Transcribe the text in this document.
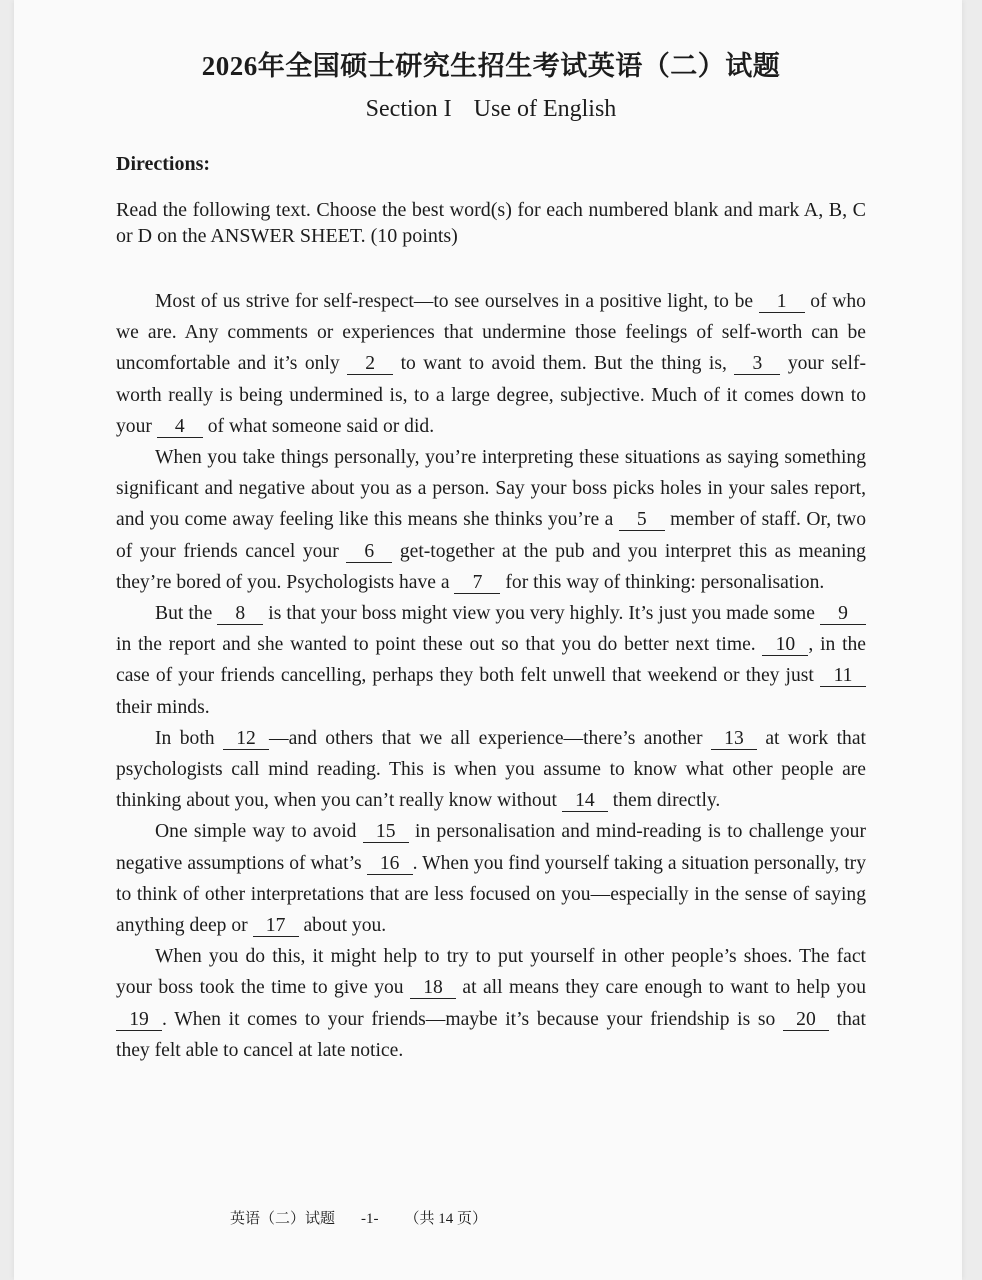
2026年全国硕士研究生招生考试英语（二）试题
Section I Use of English
Directions:
Read the following text. Choose the best word(s) for each numbered blank and mark A, B, C or D on the ANSWER SHEET. (10 points)

Most of us strive for self-respect—to see ourselves in a positive light, to be 1 of who we are. Any comments or experiences that undermine those feelings of self-worth can be uncomfortable and it’s only 2 to want to avoid them. But the thing is, 3 your self-worth really is being undermined is, to a large degree, subjective. Much of it comes down to your 4 of what someone said or did.

When you take things personally, you’re interpreting these situations as saying something significant and negative about you as a person. Say your boss picks holes in your sales report, and you come away feeling like this means she thinks you’re a 5 member of staff. Or, two of your friends cancel your 6 get-together at the pub and you interpret this as meaning they’re bored of you. Psychologists have a 7 for this way of thinking: personalisation.

But the 8 is that your boss might view you very highly. It’s just you made some 9 in the report and she wanted to point these out so that you do better next time. 10 , in the case of your friends cancelling, perhaps they both felt unwell that weekend or they just 11 their minds.

In both 12 —and others that we all experience—there’s another 13 at work that psychologists call mind reading. This is when you assume to know what other people are thinking about you, when you can’t really know without 14 them directly.

One simple way to avoid 15 in personalisation and mind-reading is to challenge your negative assumptions of what’s 16 . When you find yourself taking a situation personally, try to think of other interpretations that are less focused on you—especially in the sense of saying anything deep or 17 about you.

When you do this, it might help to try to put yourself in other people’s shoes. The fact your boss took the time to give you 18 at all means they care enough to want to help you 19 . When it comes to your friends—maybe it’s because your friendship is so 20 that they felt able to cancel at late notice.

英语（二）试题 -1- （共 14 页）
